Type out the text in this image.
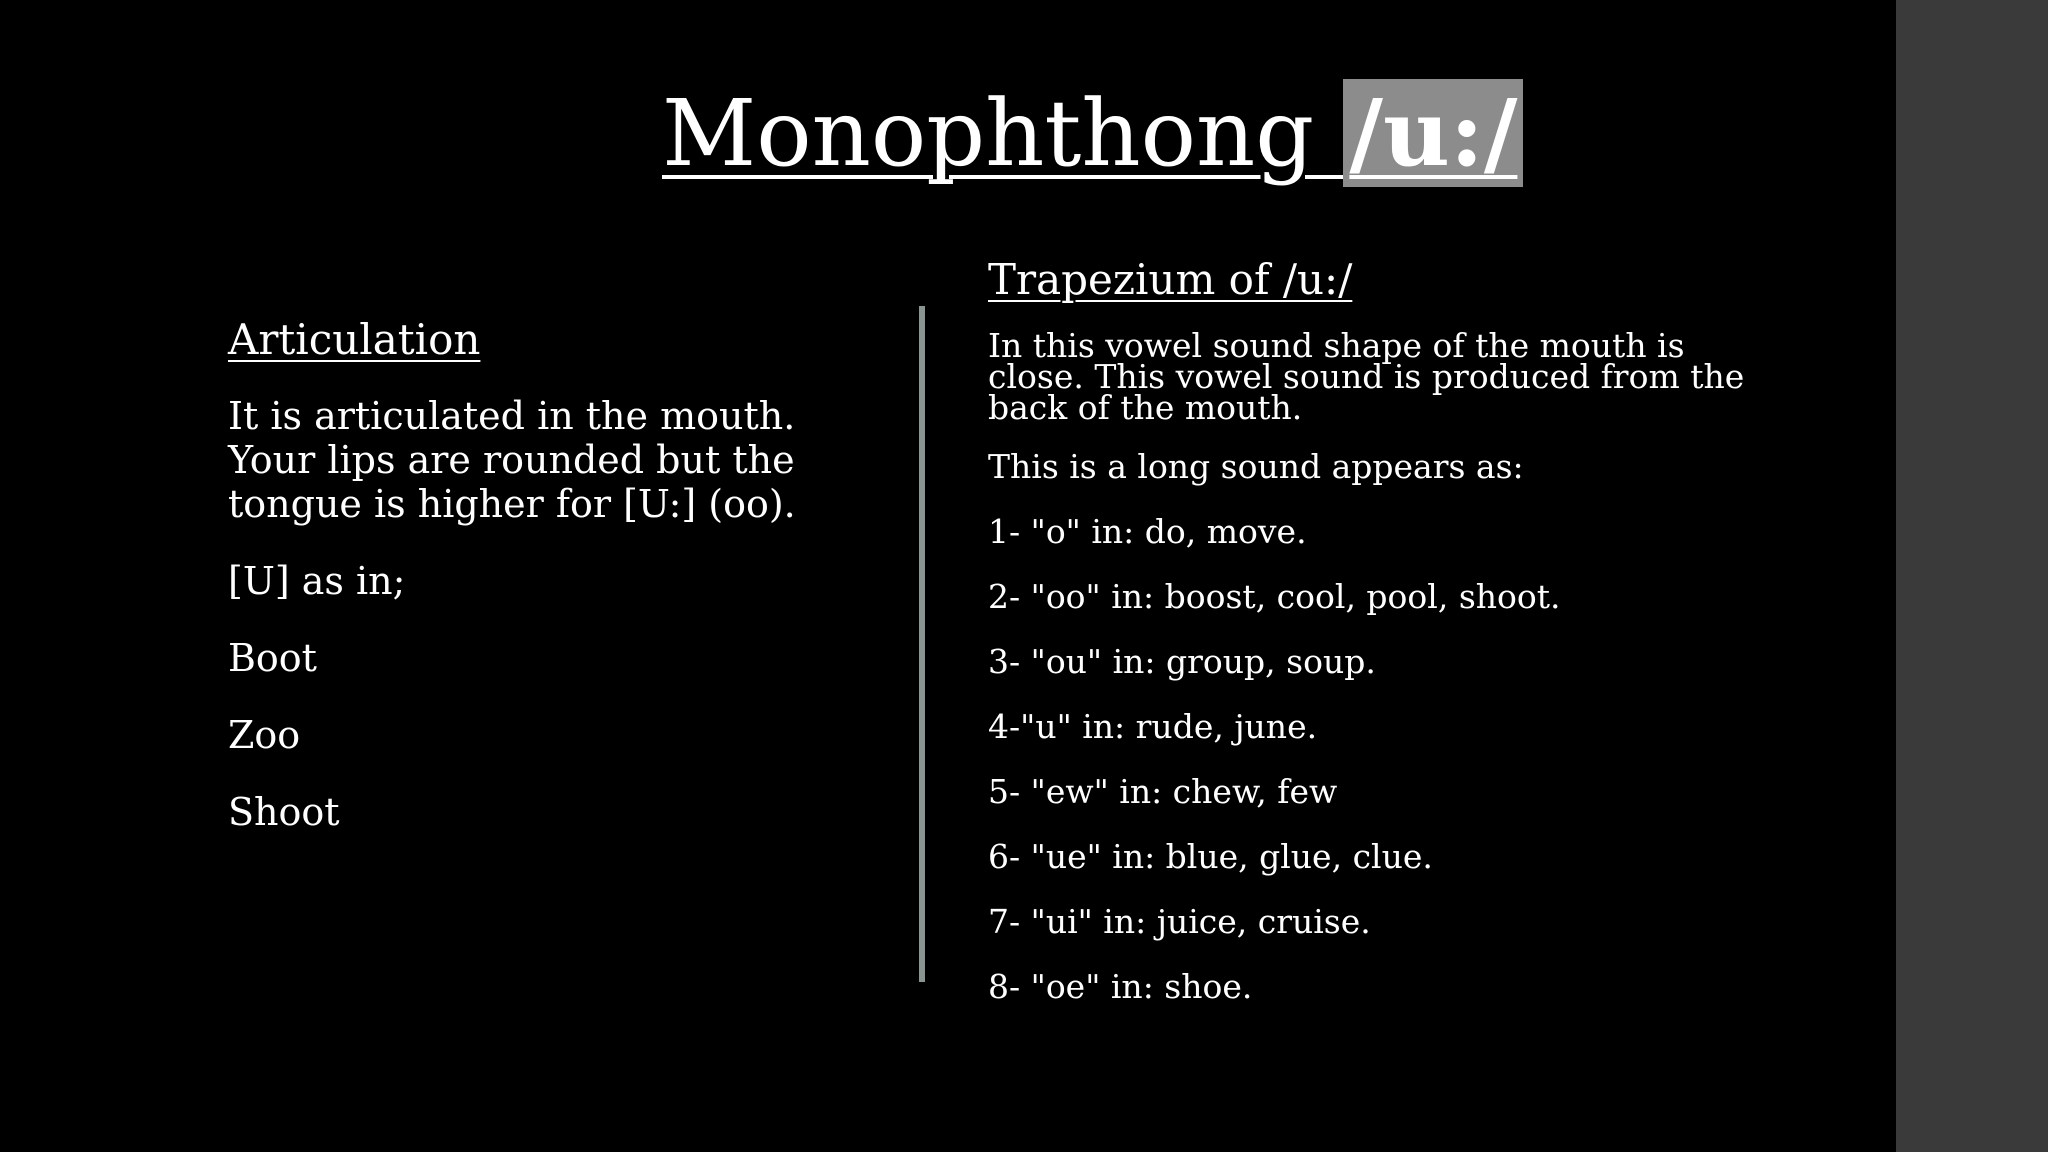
Monophthong /u:/

Articulation

It is articulated in the mouth. Your lips are rounded but the tongue is higher for [U:] (oo).

[U] as in;

Boot

Zoo

Shoot

Trapezium of /u:/

In this vowel sound shape of the mouth is close. This vowel sound is produced from the back of the mouth.

This is a long sound appears as:

1- "o" in: do, move.
2- "oo" in: boost, cool, pool, shoot.
3- "ou" in: group, soup.
4-"u" in: rude, june.
5- "ew" in: chew, few
6- "ue" in: blue, glue, clue.
7- "ui" in: juice, cruise.
8- "oe" in: shoe.
